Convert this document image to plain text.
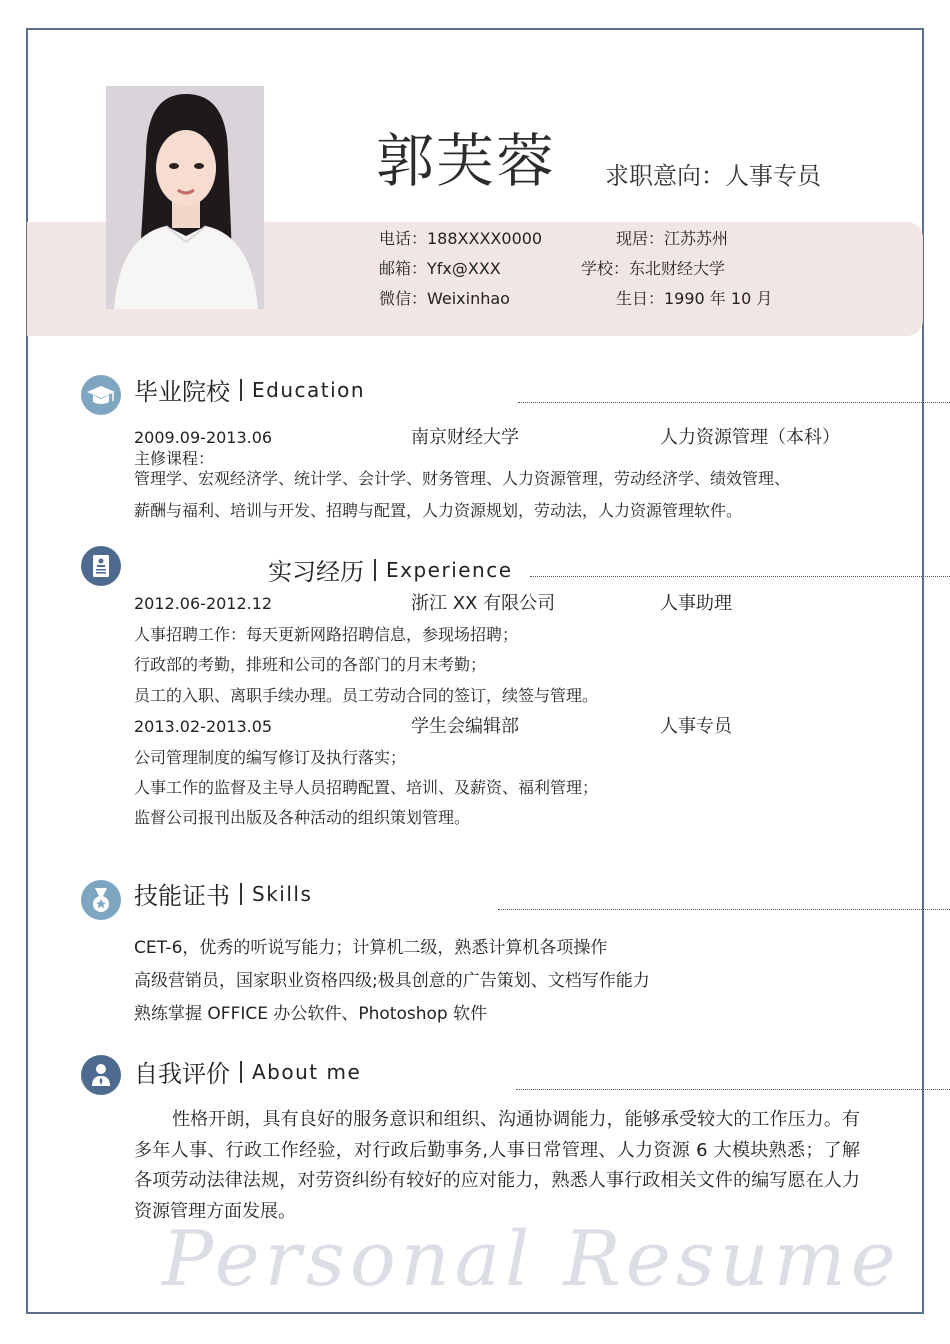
郭芙蓉 求职意向：人事专员
电话：188XXXX0000	现居：江苏苏州
邮箱：Yfx@XXX	学校：东北财经大学
微信：Weixinhao	生日：1990 年 10 月
毕业院校 Education
2009.09-2013.06	南京财经大学	人力资源管理（本科）
主修课程：
管理学、宏观经济学、统计学、会计学、财务管理、人力资源管理，劳动经济学、绩效管理、
薪酬与福利、培训与开发、招聘与配置，人力资源规划，劳动法，人力资源管理软件。
实习经历 Experience
2012.06-2012.12	浙江 XX 有限公司	人事助理
人事招聘工作：每天更新网路招聘信息，参现场招聘；
行政部的考勤，排班和公司的各部门的月末考勤；
员工的入职、离职手续办理。员工劳动合同的签订，续签与管理。
2013.02-2013.05	学生会编辑部	人事专员
公司管理制度的编写修订及执行落实；
人事工作的监督及主导人员招聘配置、培训、及薪资、福利管理；
监督公司报刊出版及各种活动的组织策划管理。
技能证书 Skills
CET-6，优秀的听说写能力；计算机二级，熟悉计算机各项操作
高级营销员，国家职业资格四级;极具创意的广告策划、文档写作能力
熟练掌握 OFFICE 办公软件、Photoshop 软件
自我评价 About me
性格开朗，具有良好的服务意识和组织、沟通协调能力，能够承受较大的工作压力。有多年人事、行政工作经验，对行政后勤事务,人事日常管理、人力资源 6 大模块熟悉；了解各项劳动法律法规，对劳资纠纷有较好的应对能力，熟悉人事行政相关文件的编写愿在人力资源管理方面发展。
Personal Resume
